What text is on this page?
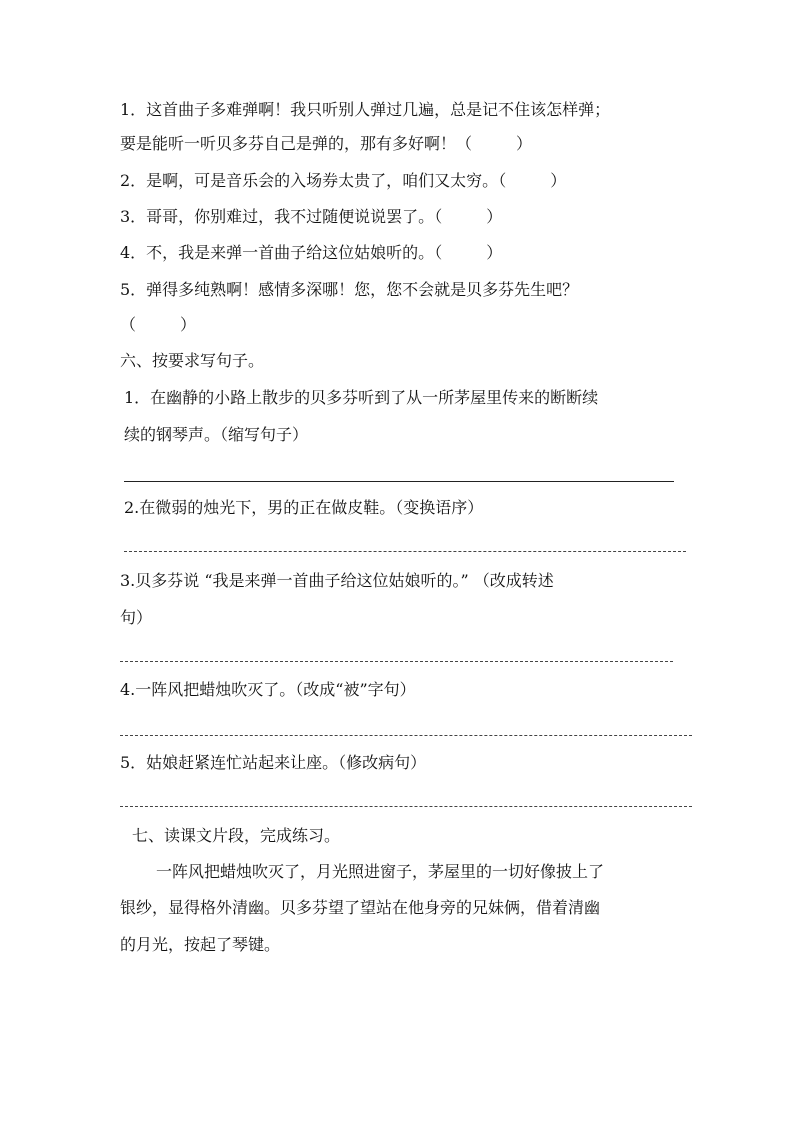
1．这首曲子多难弹啊！我只听别人弹过几遍，总是记不住该怎样弹；
要是能听一听贝多芬自己是弹的，那有多好啊！（	）
2．是啊，可是音乐会的入场券太贵了，咱们又太穷。（	）
3．哥哥，你别难过，我不过随便说说罢了。（	）
4．不，我是来弹一首曲子给这位姑娘听的。（	）
5．弹得多纯熟啊！感情多深哪！您，您不会就是贝多芬先生吧？
（	）
六、按要求写句子。
1．在幽静的小路上散步的贝多芬听到了从一所茅屋里传来的断断续
续的钢琴声。（缩写句子）
2.在微弱的烛光下，男的正在做皮鞋。（变换语序）
3.贝多芬说 “我是来弹一首曲子给这位姑娘听的。” （改成转述
句）
4.一阵风把蜡烛吹灭了。（改成“被”字句）
5．姑娘赶紧连忙站起来让座。（修改病句）
七、读课文片段，完成练习。
一阵风把蜡烛吹灭了，月光照进窗子，茅屋里的一切好像披上了
银纱，显得格外清幽。贝多芬望了望站在他身旁的兄妹俩，借着清幽
的月光，按起了琴键。
